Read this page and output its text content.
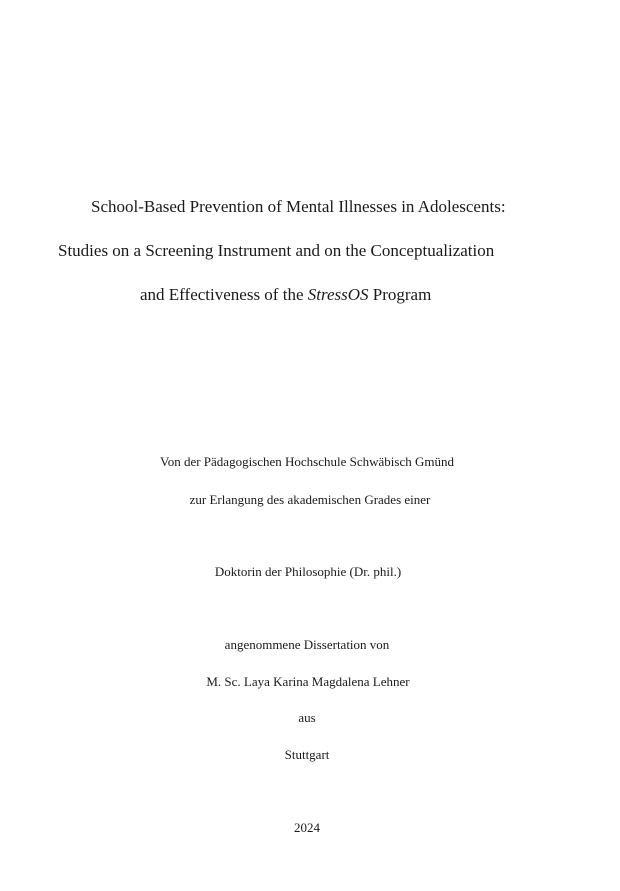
School-Based Prevention of Mental Illnesses in Adolescents:
Studies on a Screening Instrument and on the Conceptualization
and Effectiveness of the StressOS Program
Von der Pädagogischen Hochschule Schwäbisch Gmünd
zur Erlangung des akademischen Grades einer
Doktorin der Philosophie (Dr. phil.)
angenommene Dissertation von
M. Sc. Laya Karina Magdalena Lehner
aus
Stuttgart
2024
